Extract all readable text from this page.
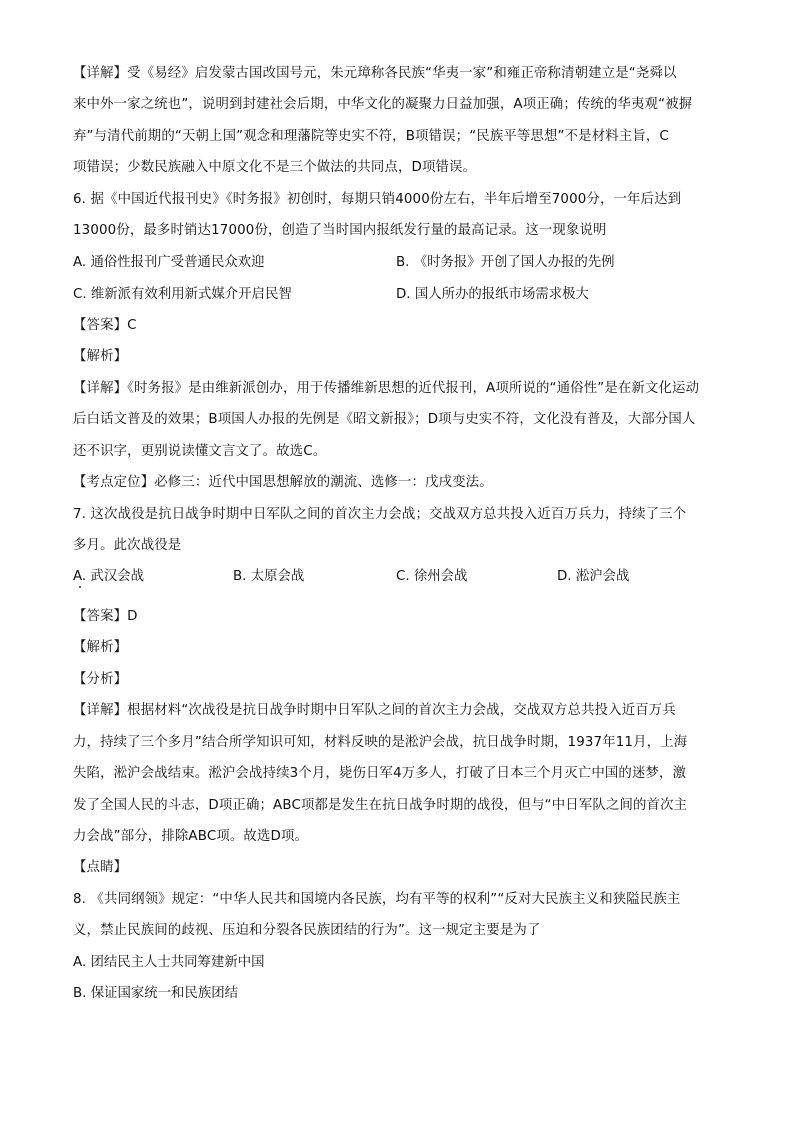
【详解】受《易经》启发蒙古国改国号元，朱元璋称各民族“华夷一家”和雍正帝称清朝建立是“尧舜以
来中外一家之统也”，说明到封建社会后期，中华文化的凝聚力日益加强，A项正确；传统的华夷观“被摒
弃”与清代前期的“天朝上国”观念和理藩院等史实不符，B项错误；“民族平等思想”不是材料主旨，C
项错误；少数民族融入中原文化不是三个做法的共同点，D项错误。
6. 据《中国近代报刊史》《时务报》初创时，每期只销4000份左右，半年后增至7000分，一年后达到
13000份，最多时销达17000份，创造了当时国内报纸发行量的最高记录。这一现象说明
A. 通俗性报刊广受普通民众欢迎	B. 《时务报》开创了国人办报的先例
C. 维新派有效利用新式媒介开启民智	D. 国人所办的报纸市场需求极大
【答案】C
【解析】
【详解】《时务报》是由维新派创办，用于传播维新思想的近代报刊，A项所说的“通俗性”是在新文化运动
后白话文普及的效果；B项国人办报的先例是《昭文新报》；D项与史实不符，文化没有普及，大部分国人
还不识字，更别说读懂文言文了。故选C。
【考点定位】必修三：近代中国思想解放的潮流、选修一：戊戌变法。
7. 这次战役是抗日战争时期中日军队之间的首次主力会战；交战双方总共投入近百万兵力，持续了三个
多月。此次战役是
A. 武汉会战	B. 太原会战	C. 徐州会战	D. 淞沪会战
【答案】D
【解析】
【分析】
【详解】根据材料“次战役是抗日战争时期中日军队之间的首次主力会战，交战双方总共投入近百万兵
力，持续了三个多月”结合所学知识可知，材料反映的是淞沪会战，抗日战争时期，1937年11月，上海
失陷，淞沪会战结束。淞沪会战持续3个月，毙伤日军4万多人，打破了日本三个月灭亡中国的迷梦，激
发了全国人民的斗志，D项正确；ABC项都是发生在抗日战争时期的战役，但与“中日军队之间的首次主
力会战”部分，排除ABC项。故选D项。
【点睛】
8. 《共同纲领》规定：“中华人民共和国境内各民族，均有平等的权利”“反对大民族主义和狭隘民族主
义，禁止民族间的歧视、压迫和分裂各民族团结的行为”。这一规定主要是为了
A. 团结民主人士共同筹建新中国
B. 保证国家统一和民族团结
